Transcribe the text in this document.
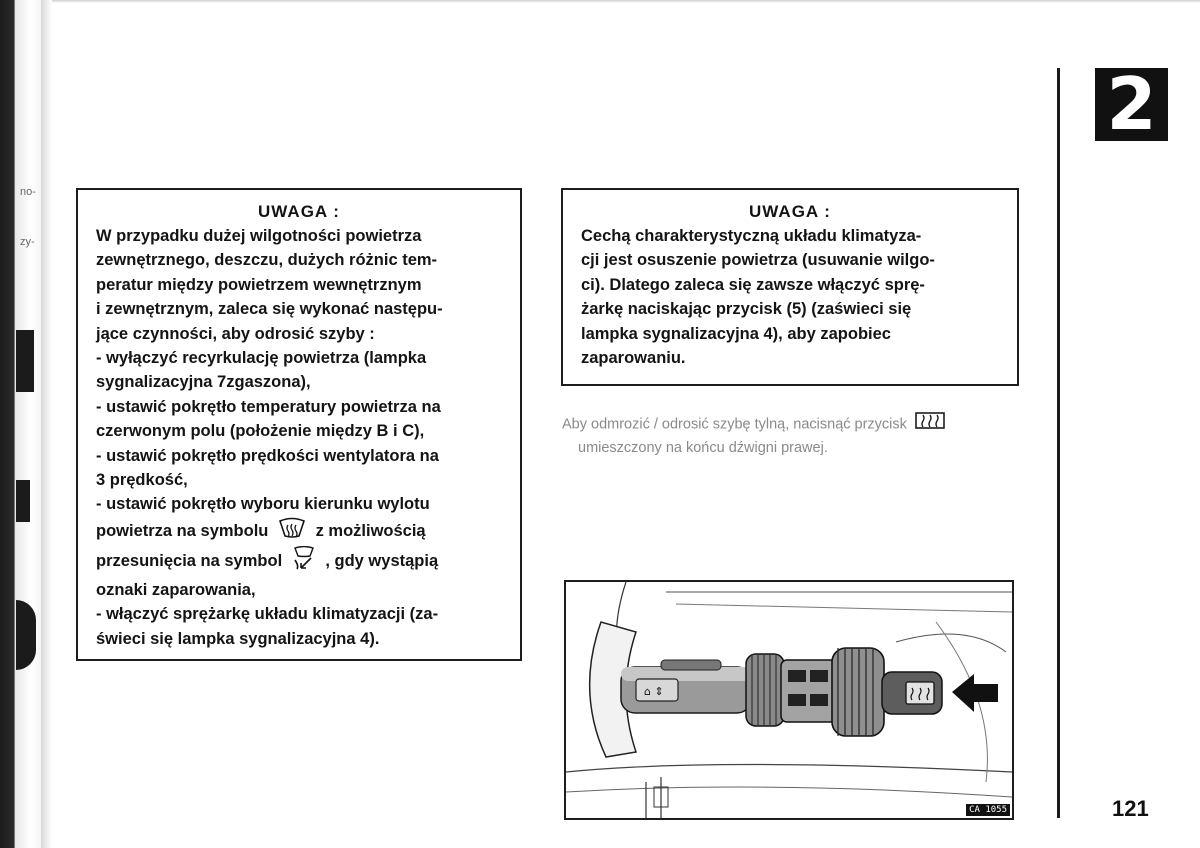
no-
zy-
2
UWAGA :

W przypadku dużej wilgotności powietrza
zewnętrznego, deszczu, dużych różnic tem-
peratur między powietrzem wewnętrznym
i zewnętrznym, zaleca się wykonać następu-
jące czynności, aby odrosić szyby :
- wyłączyć recyrkulację powietrza (lampka
sygnalizacyjna 7zgaszona),
- ustawić pokrętło temperatury powietrza na
czerwonym polu (położenie między B i C),
- ustawić pokrętło prędkości wentylatora na
3 prędkość,
- ustawić pokrętło wyboru kierunku wylotu
powietrza na symbolu	z możliwością
przesunięcia na symbol	, gdy wystąpią
oznaki zaparowania,
- włączyć sprężarkę układu klimatyzacji (za-
świeci się lampka sygnalizacyjna 4).

UWAGA :

Cechą charakterystyczną układu klimatyza-
cji jest osuszenie powietrza (usuwanie wilgo-
ci). Dlatego zaleca się zawsze włączyć sprę-
żarkę naciskając przycisk (5) (zaświeci się
lampka sygnalizacyjna 4), aby zapobiec
zaparowaniu.

Aby odmrozić / odrosić szybę tylną, nacisnąć przycisk
umieszczony na końcu dźwigni prawej.
⌂ ⇕
CA 1055	121
